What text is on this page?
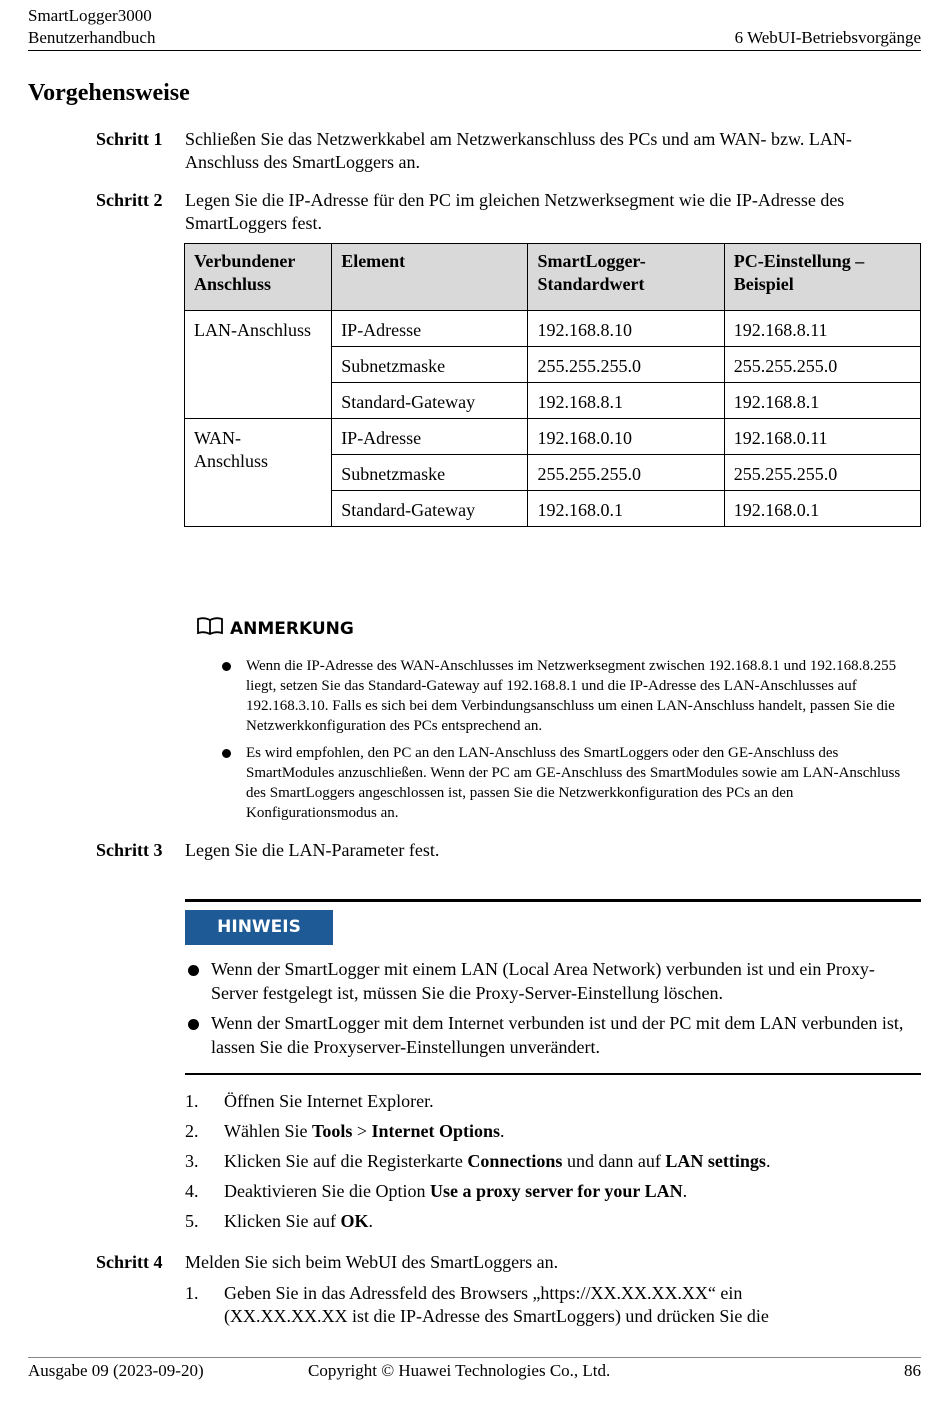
SmartLogger3000
Benutzerhandbuch	6 WebUI-Betriebsvorgänge
Vorgehensweise
Schritt 1 Schließen Sie das Netzwerkkabel am Netzwerkanschluss des PCs und am WAN- bzw. LAN-Anschluss des SmartLoggers an.
Schritt 2 Legen Sie die IP-Adresse für den PC im gleichen Netzwerksegment wie die IP-Adresse des SmartLoggers fest.
Verbundener Anschluss	Element	SmartLogger-Standardwert	PC-Einstellung – Beispiel
LAN-Anschluss	IP-Adresse	192.168.8.10	192.168.8.11
	Subnetzmaske	255.255.255.0	255.255.255.0
	Standard-Gateway	192.168.8.1	192.168.8.1
WAN-Anschluss	IP-Adresse	192.168.0.10	192.168.0.11
	Subnetzmaske	255.255.255.0	255.255.255.0
	Standard-Gateway	192.168.0.1	192.168.0.1
ANMERKUNG
Wenn die IP-Adresse des WAN-Anschlusses im Netzwerksegment zwischen 192.168.8.1 und 192.168.8.255 liegt, setzen Sie das Standard-Gateway auf 192.168.8.1 und die IP-Adresse des LAN-Anschlusses auf 192.168.3.10. Falls es sich bei dem Verbindungsanschluss um einen LAN-Anschluss handelt, passen Sie die Netzwerkkonfiguration des PCs entsprechend an.
Es wird empfohlen, den PC an den LAN-Anschluss des SmartLoggers oder den GE-Anschluss des SmartModules anzuschließen. Wenn der PC am GE-Anschluss des SmartModules sowie am LAN-Anschluss des SmartLoggers angeschlossen ist, passen Sie die Netzwerkkonfiguration des PCs an den Konfigurationsmodus an.
Schritt 3 Legen Sie die LAN-Parameter fest.
HINWEIS
Wenn der SmartLogger mit einem LAN (Local Area Network) verbunden ist und ein Proxy-Server festgelegt ist, müssen Sie die Proxy-Server-Einstellung löschen.
Wenn der SmartLogger mit dem Internet verbunden ist und der PC mit dem LAN verbunden ist, lassen Sie die Proxyserver-Einstellungen unverändert.
1. Öffnen Sie Internet Explorer.
2. Wählen Sie Tools > Internet Options.
3. Klicken Sie auf die Registerkarte Connections und dann auf LAN settings.
4. Deaktivieren Sie die Option Use a proxy server for your LAN.
5. Klicken Sie auf OK.
Schritt 4 Melden Sie sich beim WebUI des SmartLoggers an.
1. Geben Sie in das Adressfeld des Browsers „https://XX.XX.XX.XX“ ein (XX.XX.XX.XX ist die IP-Adresse des SmartLoggers) und drücken Sie die
Ausgabe 09 (2023-09-20)	Copyright © Huawei Technologies Co., Ltd.	86
